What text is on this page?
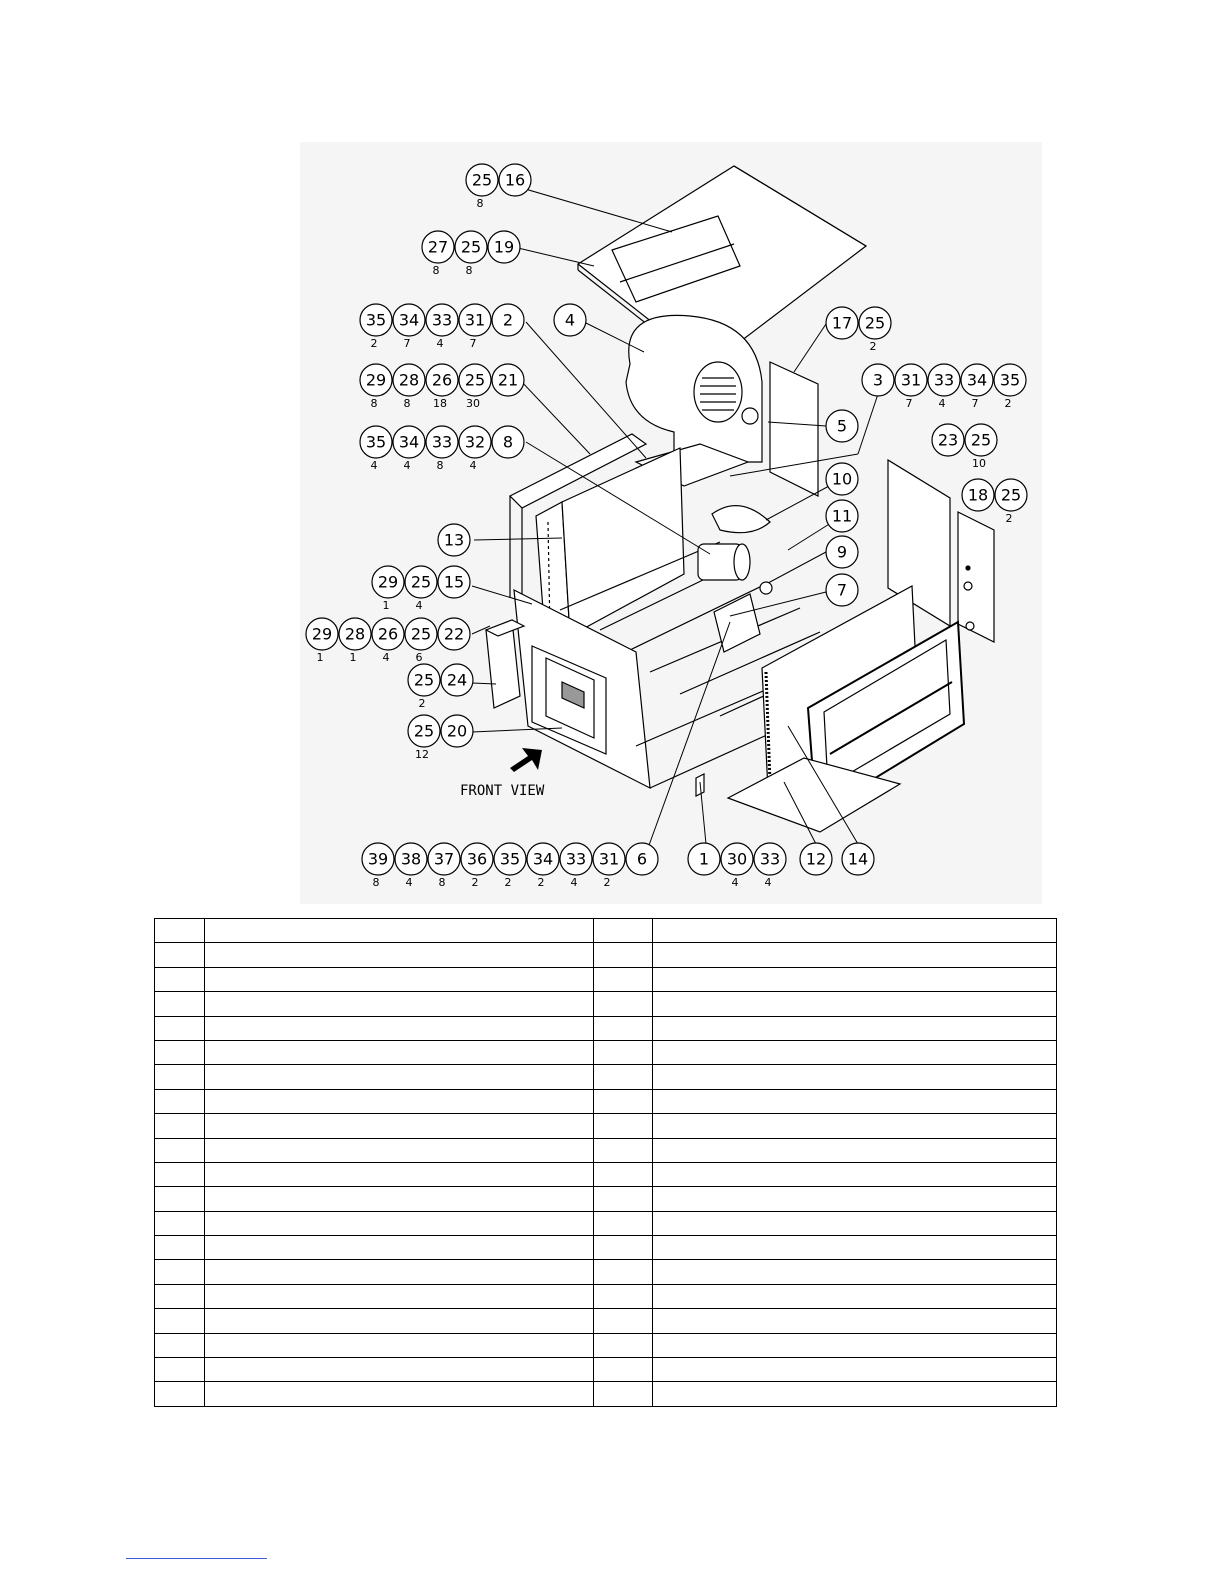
FRONT VIEW
25
8
16
27
8
25
8
19
35
2
34
7
33
4
31
7
2	4	17 25
2
29
8
28
8
26
18
25
30
21	3 31
7
33
4
34
7
35
2
5
35
4
34
4
33
8
32
4
8	23 25
10
10
18 25
2
11
13
9
29
1
25
4
15	7
29
1
28
1
26
4
25
6
22
25
2
24
25
12
20
39
8
38
4
37
8
36
2
35
2
34
2
33
4
31
2
6	1 30
4
33
4
12 14
